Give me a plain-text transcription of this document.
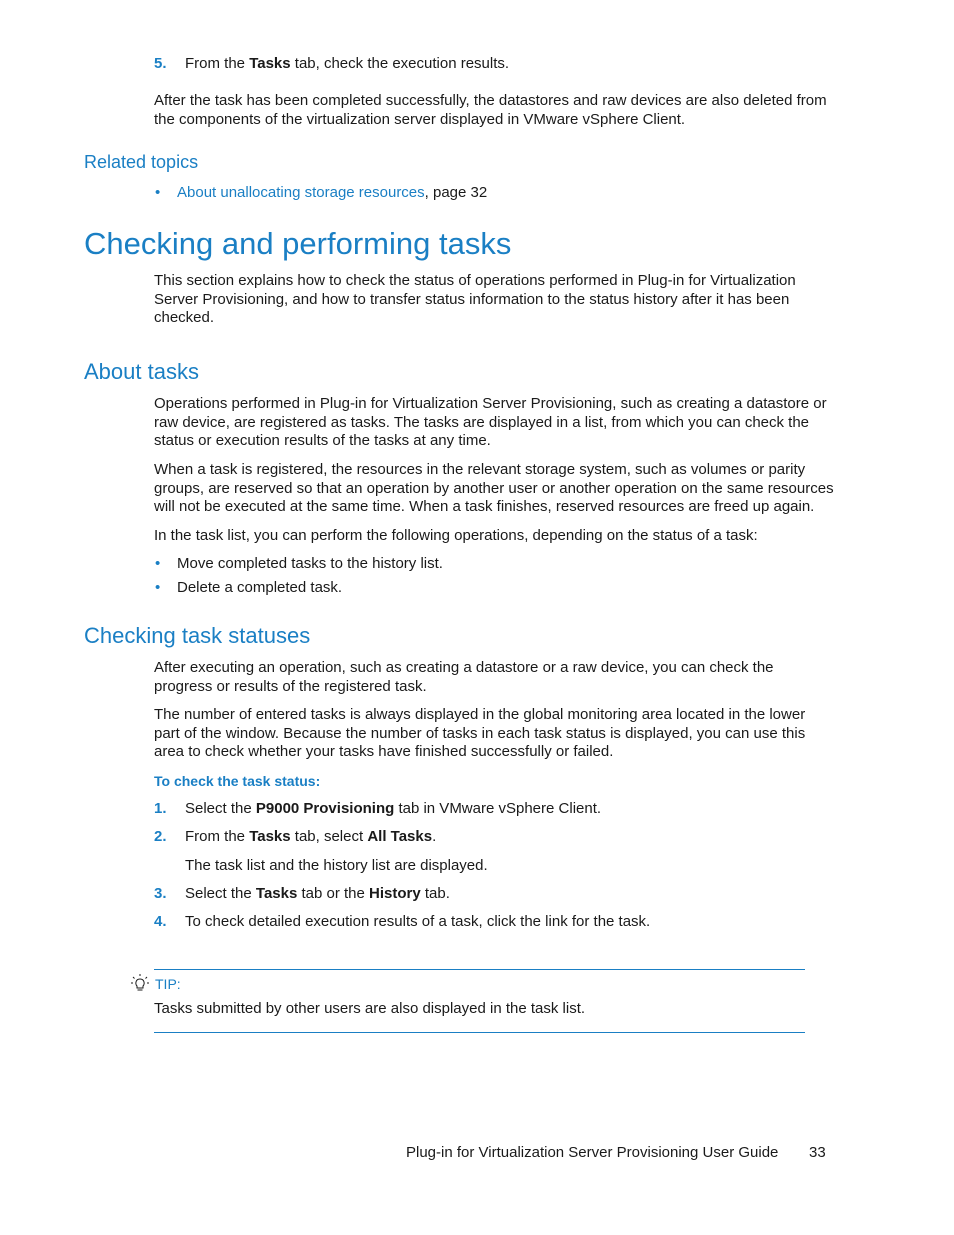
5. From the Tasks tab, check the execution results.

After the task has been completed successfully, the datastores and raw devices are also deleted from the components of the virtualization server displayed in VMware vSphere Client.

Related topics
• About unallocating storage resources, page 32
Checking and performing tasks

This section explains how to check the status of operations performed in Plug-in for Virtualization Server Provisioning, and how to transfer status information to the status history after it has been checked.

About tasks

Operations performed in Plug-in for Virtualization Server Provisioning, such as creating a datastore or raw device, are registered as tasks. The tasks are displayed in a list, from which you can check the status or execution results of the tasks at any time.

When a task is registered, the resources in the relevant storage system, such as volumes or parity groups, are reserved so that an operation by another user or another operation on the same resources will not be executed at the same time. When a task finishes, reserved resources are freed up again.

In the task list, you can perform the following operations, depending on the status of a task:

• Move completed tasks to the history list.
• Delete a completed task.
Checking task statuses

After executing an operation, such as creating a datastore or a raw device, you can check the progress or results of the registered task.

The number of entered tasks is always displayed in the global monitoring area located in the lower part of the window. Because the number of tasks in each task status is displayed, you can use this area to check whether your tasks have finished successfully or failed.

To check the task status:
1. Select the P9000 Provisioning tab in VMware vSphere Client.
2. From the Tasks tab, select All Tasks.
The task list and the history list are displayed.
3. Select the Tasks tab or the History tab.
4. To check detailed execution results of a task, click the link for the task.
TIP:
Tasks submitted by other users are also displayed in the task list.
Plug-in for Virtualization Server Provisioning User Guide 33
